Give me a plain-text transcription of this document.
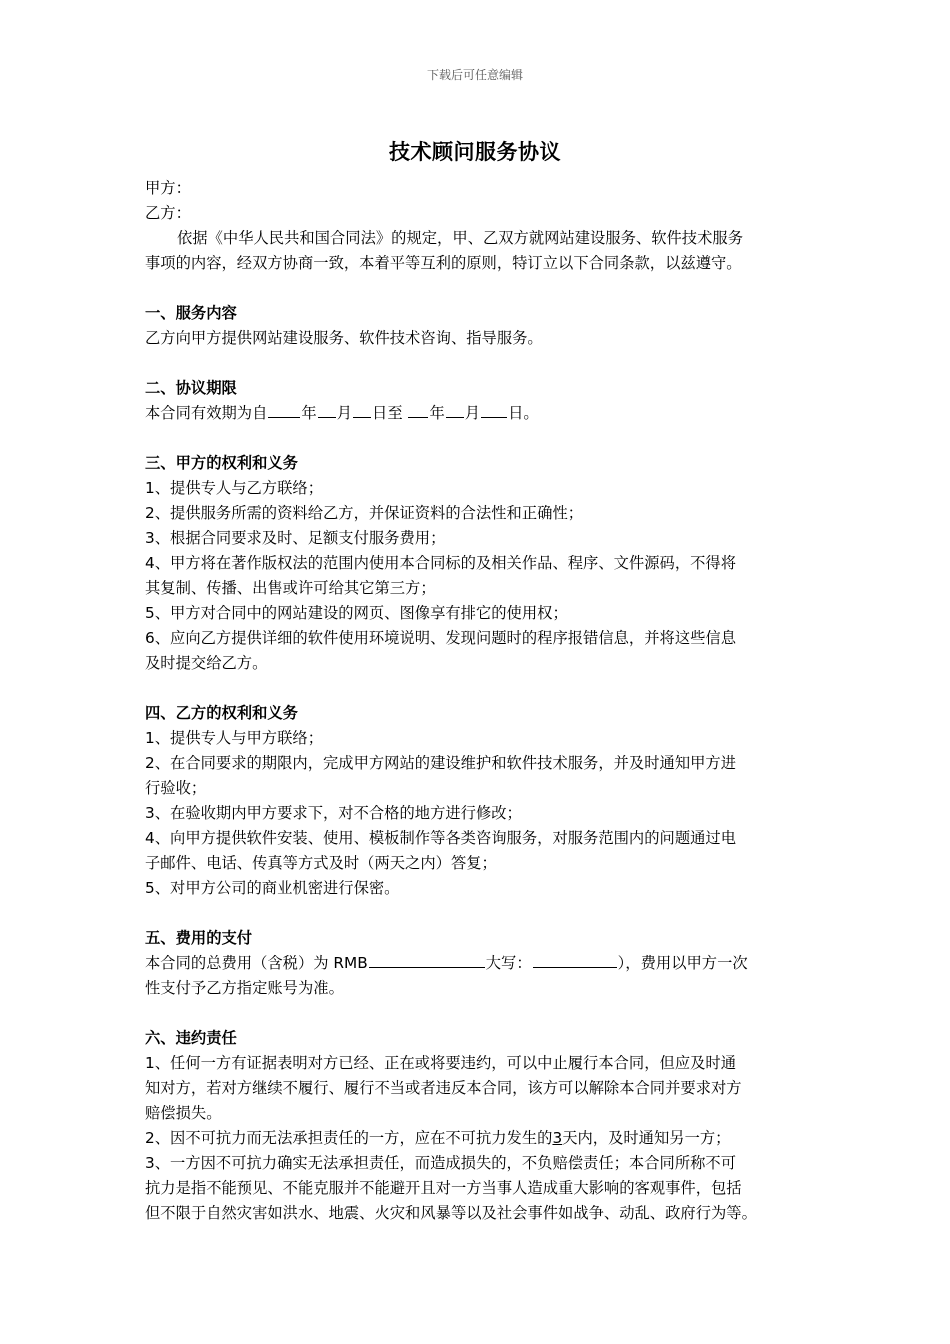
下载后可任意编辑
技术顾问服务协议
甲方：
乙方：
依据《中华人民共和国合同法》的规定，甲、乙双方就网站建设服务、软件技术服务
事项的内容，经双方协商一致，本着平等互利的原则，特订立以下合同条款，以兹遵守。
一、服务内容
乙方向甲方提供网站建设服务、软件技术咨询、指导服务。
二、协议期限
本合同有效期为自 年 月 日至 年 月 日。
三、甲方的权利和义务
1、提供专人与乙方联络；
2、提供服务所需的资料给乙方，并保证资料的合法性和正确性；
3、根据合同要求及时、足额支付服务费用；
4、甲方将在著作版权法的范围内使用本合同标的及相关作品、程序、文件源码，不得将
其复制、传播、出售或许可给其它第三方；
5、甲方对合同中的网站建设的网页、图像享有排它的使用权；
6、应向乙方提供详细的软件使用环境说明、发现问题时的程序报错信息，并将这些信息
及时提交给乙方。
四、乙方的权利和义务
1、提供专人与甲方联络；
2、在合同要求的期限内，完成甲方网站的建设维护和软件技术服务，并及时通知甲方进
行验收；
3、在验收期内甲方要求下，对不合格的地方进行修改；
4、向甲方提供软件安装、使用、模板制作等各类咨询服务，对服务范围内的问题通过电
子邮件、电话、传真等方式及时（两天之内）答复；
5、对甲方公司的商业机密进行保密。
五、费用的支付
本合同的总费用（含税）为 RMB	大写：	），费用以甲方一次
性支付予乙方指定账号为准。
六、违约责任
1、任何一方有证据表明对方已经、正在或将要违约，可以中止履行本合同，但应及时通
知对方，若对方继续不履行、履行不当或者违反本合同，该方可以解除本合同并要求对方
赔偿损失。
2、因不可抗力而无法承担责任的一方，应在不可抗力发生的3天内，及时通知另一方；
3、一方因不可抗力确实无法承担责任，而造成损失的，不负赔偿责任；本合同所称不可
抗力是指不能预见、不能克服并不能避开且对一方当事人造成重大影响的客观事件，包括
但不限于自然灾害如洪水、地震、火灾和风暴等以及社会事件如战争、动乱、政府行为等。
